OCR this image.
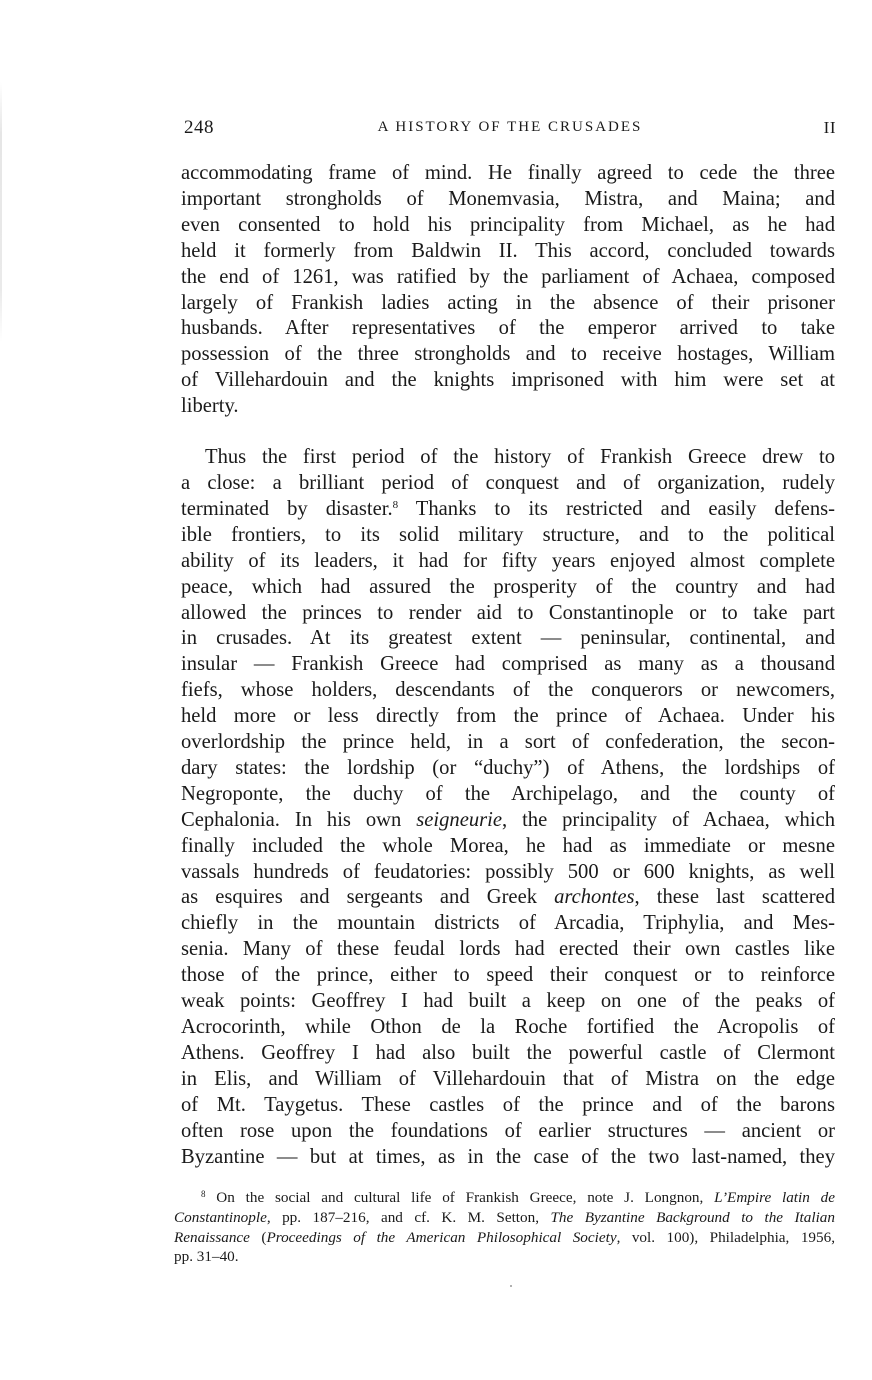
248	A HISTORY OF THE CRUSADES	II

accommodating frame of mind. He finally agreed to cede the three

important strongholds of Monemvasia, Mistra, and Maina; and

even consented to hold his principality from Michael, as he had

held it formerly from Baldwin II. This accord, concluded towards

the end of 1261, was ratified by the parliament of Achaea, composed

largely of Frankish ladies acting in the absence of their prisoner

husbands. After representatives of the emperor arrived to take

possession of the three strongholds and to receive hostages, William

of Villehardouin and the knights imprisoned with him were set at

liberty.

Thus the first period of the history of Frankish Greece drew to

a close: a brilliant period of conquest and of organization, rudely

terminated by disaster.$^8$ Thanks to its restricted and easily defens-

ible frontiers, to its solid military structure, and to the political

ability of its leaders, it had for fifty years enjoyed almost complete

peace, which had assured the prosperity of the country and had

allowed the princes to render aid to Constantinople or to take part

in crusades. At its greatest extent — peninsular, continental, and

insular — Frankish Greece had comprised as many as a thousand

fiefs, whose holders, descendants of the conquerors or newcomers,

held more or less directly from the prince of Achaea. Under his

overlordship the prince held, in a sort of confederation, the secon-

dary states: the lordship (or “duchy”) of Athens, the lordships of

Negroponte, the duchy of the Archipelago, and the county of

Cephalonia. In his own seigneurie, the principality of Achaea, which

finally included the whole Morea, he had as immediate or mesne

vassals hundreds of feudatories: possibly 500 or 600 knights, as well

as esquires and sergeants and Greek archontes, these last scattered

chiefly in the mountain districts of Arcadia, Triphylia, and Mes-

senia. Many of these feudal lords had erected their own castles like

those of the prince, either to speed their conquest or to reinforce

weak points: Geoffrey I had built a keep on one of the peaks of

Acrocorinth, while Othon de la Roche fortified the Acropolis of

Athens. Geoffrey I had also built the powerful castle of Clermont

in Elis, and William of Villehardouin that of Mistra on the edge

of Mt. Taygetus. These castles of the prince and of the barons

often rose upon the foundations of earlier structures — ancient or

Byzantine — but at times, as in the case of the two last-named, they

$^8$ On the social and cultural life of Frankish Greece, note J. Longnon, L’Empire latin de

Constantinople, pp. 187–216, and cf. K. M. Setton, The Byzantine Background to the Italian

Renaissance (Proceedings of the American Philosophical Society, vol. 100), Philadelphia, 1956,

pp. 31–40.
